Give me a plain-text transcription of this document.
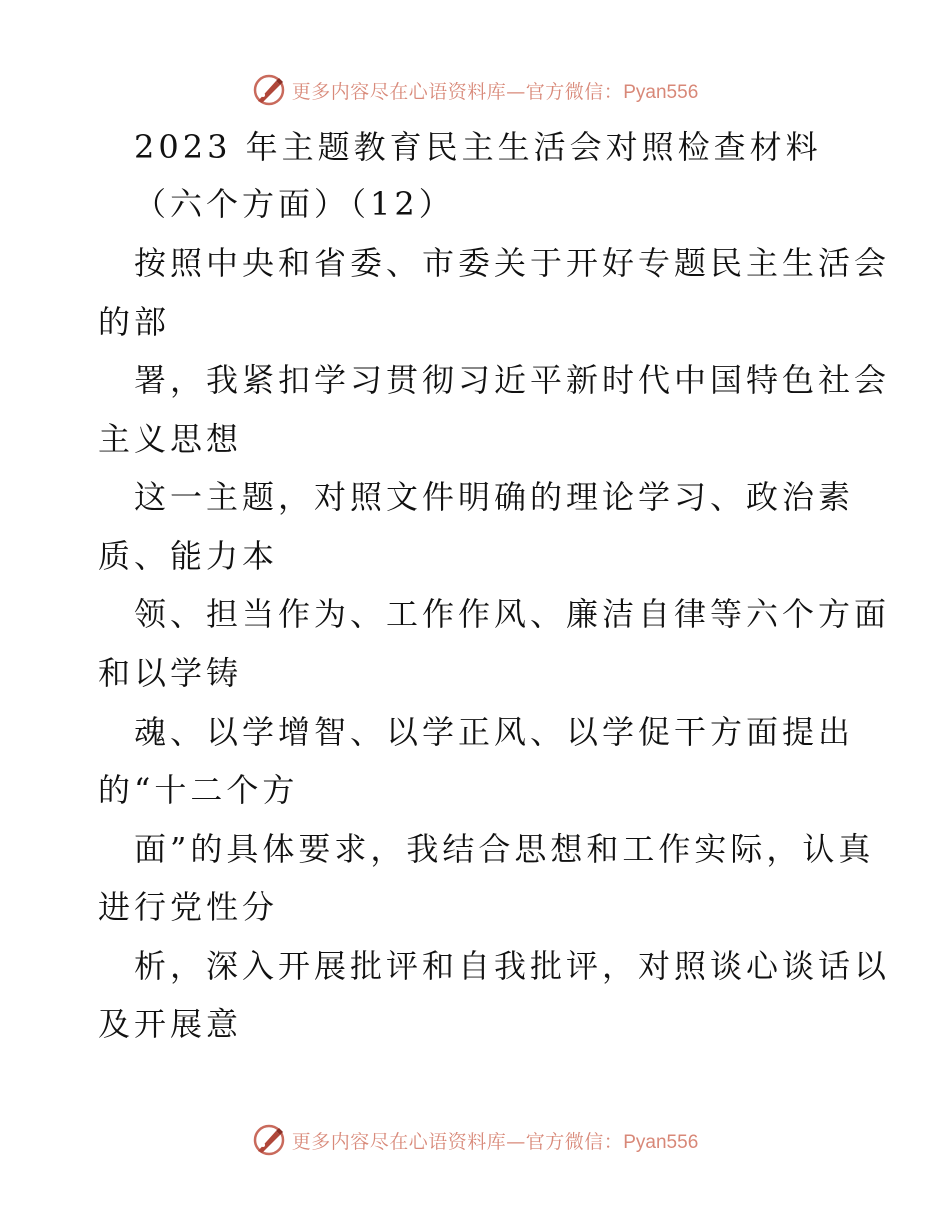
更多内容尽在心语资料库—官方微信：Pyan556
2023 年主题教育民主生活会对照检查材料
（六个方面）（12）
按照中央和省委、市委关于开好专题民主生活会
的部
署，我紧扣学习贯彻习近平新时代中国特色社会
主义思想
这一主题，对照文件明确的理论学习、政治素
质、能力本
领、担当作为、工作作风、廉洁自律等六个方面
和以学铸
魂、以学增智、以学正风、以学促干方面提出
的“十二个方
面”的具体要求，我结合思想和工作实际，认真
进行党性分
析，深入开展批评和自我批评，对照谈心谈话以
及开展意
更多内容尽在心语资料库—官方微信：Pyan556
